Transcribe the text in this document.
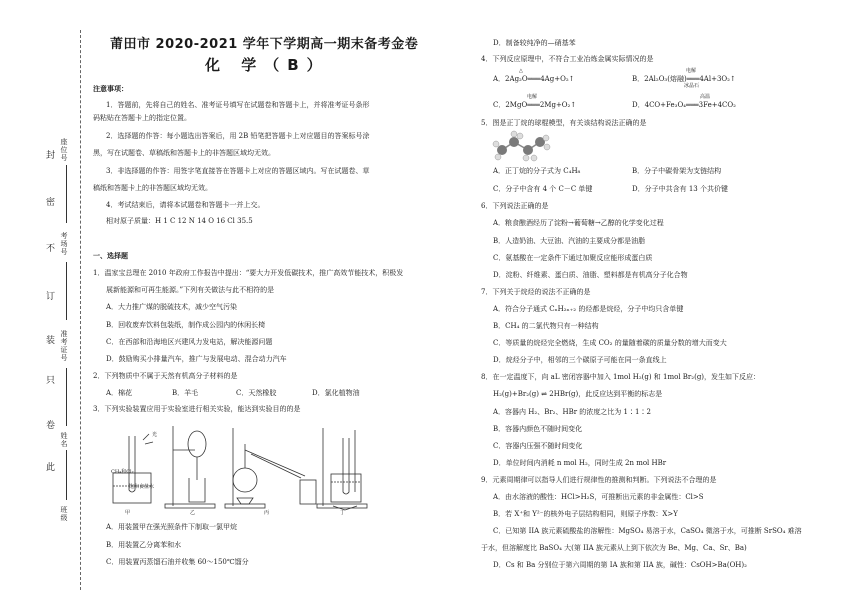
封
密
不
订
装
只
卷
此
座位号
考场号
准考证号
姓名
班级
莆田市 2020-2021 学年下学期高一期末备考金卷
化 学（B）
注意事项：
1．答题前，先将自己的姓名、准考证号填写在试题卷和答题卡上，并将准考证号条形
码粘贴在答题卡上的指定位置。
2．选择题的作答：每小题选出答案后，用 2B 铅笔把答题卡上对应题目的答案标号涂
黑，写在试题卷、草稿纸和答题卡上的非答题区域均无效。
3．非选择题的作答：用签字笔直接答在答题卡上对应的答题区域内。写在试题卷、草
稿纸和答题卡上的非答题区域均无效。
4．考试结束后，请将本试题卷和答题卡一并上交。
相对原子质量：H 1 C 12 N 14 O 16 Cl 35.5
一、选择题
1．温家宝总理在 2010 年政府工作报告中提出：“要大力开发低碳技术，推广高效节能技术，积极发
展新能源和可再生能源。”下列有关做法与此不相符的是
A．大力推广煤的脱硫技术，减少空气污染
B．回收废弃饮料包装纸，制作成公园内的休闲长椅
C．在西部和沿海地区兴建风力发电站，解决能源问题
D．鼓励购买小排量汽车，推广与发展电动、混合动力汽车
2．下列物质中不属于天然有机高分子材料的是
A．棉花	B．羊毛	C．天然橡胶	D．氯化植物油
3．下列实验装置应用于实验室进行相关实验，能达到实验目的的是
CH₄和Cl₂
饱和食盐水
光
甲	乙	丙	丁
A．用装置甲在强光照条件下制取一氯甲烷
B．用装置乙分离苯和水
C．用装置丙蒸馏石油并收集 60～150℃馏分
D．制备较纯净的—硝基苯
4．下列反应原理中，不符合工业冶炼金属实际情况的是
△
A．2Ag₂O═══4Ag+O₂↑
电解
B．2Al₂O₃(熔融)═══4Al+3O₂↑
冰晶石
电解
C．2MgO═══2Mg+O₂↑
高温
D．4CO+Fe₃O₄═══3Fe+4CO₂
5．图是正丁烷的球棍模型，有关该结构说法正确的是
A．正丁烷的分子式为 C₄H₈	B．分子中碳骨架为支链结构
C．分子中含有 4 个 C－C 单键	D．分子中共含有 13 个共价键
6．下列说法正确的是
A．粮食酿酒经历了淀粉→葡萄糖→乙醇的化学变化过程
B．人造奶油、大豆油、汽油的主要成分都是油脂
C．氨基酸在一定条件下通过加聚反应能形成蛋白质
D．淀粉、纤维素、蛋白质、油脂、塑料都是有机高分子化合物
7．下列关于烷烃的说法不正确的是
A．符合分子通式 CₙH₂ₙ₊₂ 的烃都是烷烃，分子中均只含单键
B．CH₄ 的二氯代物只有一种结构
C．等质量的烷烃完全燃烧，生成 CO₂ 的量随着碳的质量分数的增大而变大
D．烷烃分子中，相邻的三个碳原子可能在同一条直线上
8．在一定温度下，向 aL 密闭容器中加入 1mol H₂(g) 和 1mol Br₂(g)，发生如下反应：
H₂(g)+Br₂(g) ⇌ 2HBr(g)，此反应达到平衡的标志是
A．容器内 H₂、Br₂、HBr 的浓度之比为 1∶1∶2
B．容器内颜色不随时间变化
C．容器内压强不随时间变化
D．单位时间内消耗 n mol H₂，同时生成 2n mol HBr
9．元素周期律可以指导人们进行规律性的推测和判断。下列说法不合理的是
A．由水溶液的酸性：HCl>H₂S，可推断出元素的非金属性：Cl>S
B．若 X⁺和 Y²⁻的核外电子层结构相同，则原子序数：X>Y
C．已知第 IIA 族元素硫酸盐的溶解性：MgSO₄ 易溶于水，CaSO₄ 微溶于水，可推断 SrSO₄ 难溶
于水，但溶解度比 BaSO₄ 大(第 IIA 族元素从上到下依次为 Be、Mg、Ca、Sr、Ba)
D．Cs 和 Ba 分别位于第六周期的第 IA 族和第 IIA 族，碱性：CsOH>Ba(OH)₂
